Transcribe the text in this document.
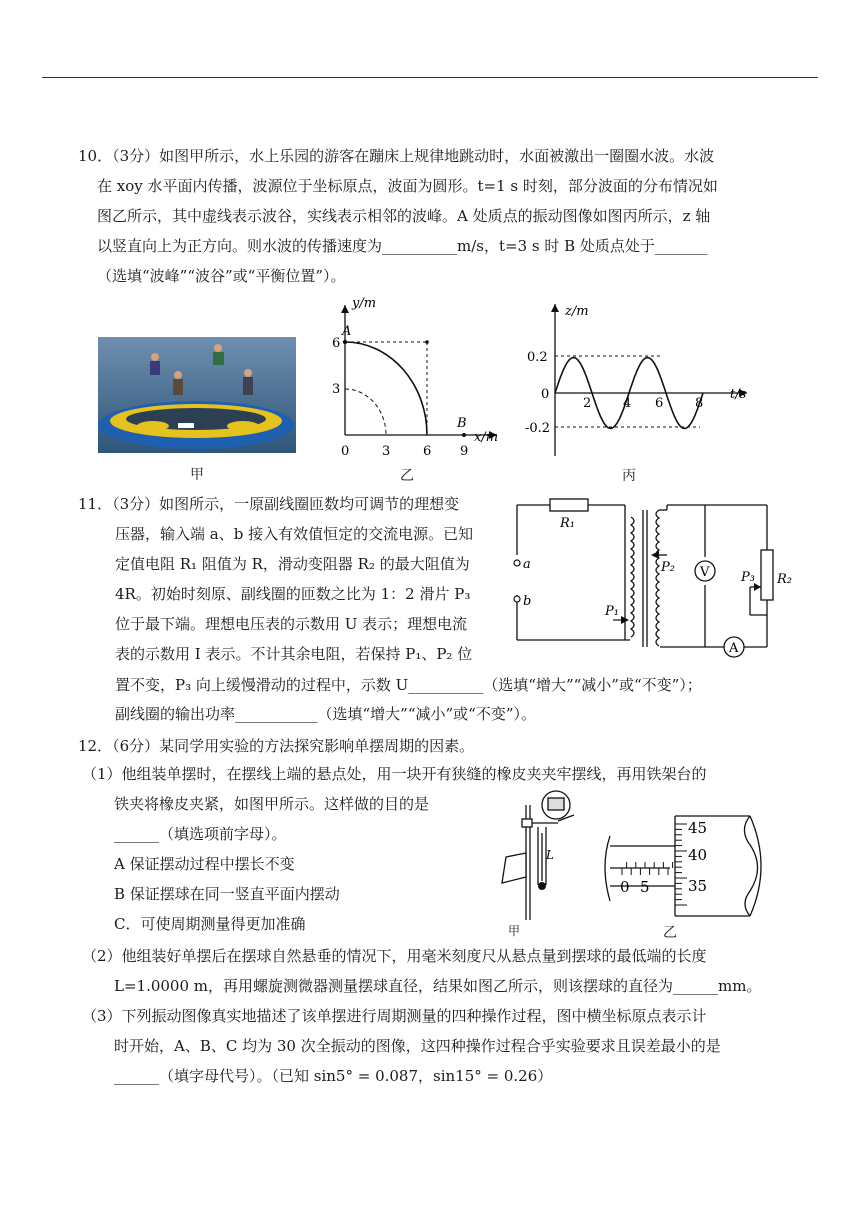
10．（3分）如图甲所示，水上乐园的游客在蹦床上规律地跳动时，水面被激出一圈圈水波。水波
在 xoy 水平面内传播，波源位于坐标原点，波面为圆形。t=1 s 时刻，部分波面的分布情况如
图乙所示，其中虚线表示波谷，实线表示相邻的波峰。A 处质点的振动图像如图丙所示，z 轴
以竖直向上为正方向。则水波的传播速度为__________m/s，t=3 s 时 B 处质点处于_______
（选填“波峰”“波谷”或“平衡位置”）。
甲
y/m
x/m
A
B
6
3
0	3	6 9
乙
z/m
t/s
0.2
0
-0.2
2 4 6 8
丙
11．（3分）如图所示，一原副线圈匝数均可调节的理想变
压器，输入端 a、b 接入有效值恒定的交流电源。已知
定值电阻 R₁ 阻值为 R，滑动变阻器 R₂ 的最大阻值为
4R。初始时刻原、副线圈的匝数之比为 1：2 滑片 P₃
位于最下端。理想电压表的示数用 U 表示；理想电流
表的示数用 I 表示。不计其余电阻，若保持 P₁、P₂ 位
置不变，P₃ 向上缓慢滑动的过程中，示数 U__________（选填“增大”“减小”或“不变”）；
副线圈的输出功率___________（选填“增大”“减小”或“不变”）。
V
A
R₁
R₂
a
b
P₁
P₂
P₃
12．（6分）某同学用实验的方法探究影响单摆周期的因素。
（1）他组装单摆时，在摆线上端的悬点处，用一块开有狭缝的橡皮夹夹牢摆线，再用铁架台的
铁夹将橡皮夹紧，如图甲所示。这样做的目的是
______（填选项前字母）。
A 保证摆动过程中摆长不变
B 保证摆球在同一竖直平面内摆动
C．可使周期测量得更加准确
（2）他组装好单摆后在摆球自然悬垂的情况下，用毫米刻度尺从悬点量到摆球的最低端的长度
L=1.0000 m，再用螺旋测微器测量摆球直径，结果如图乙所示，则该摆球的直径为______mm。
（3）下列振动图像真实地描述了该单摆进行周期测量的四种操作过程，图中横坐标原点表示计
时开始，A、B、C 均为 30 次全振动的图像，这四种操作过程合乎实验要求且误差最小的是
______（填字母代号）。（已知 sin5° = 0.087，sin15° = 0.26）
L
甲
45
40
35
0 5
乙
